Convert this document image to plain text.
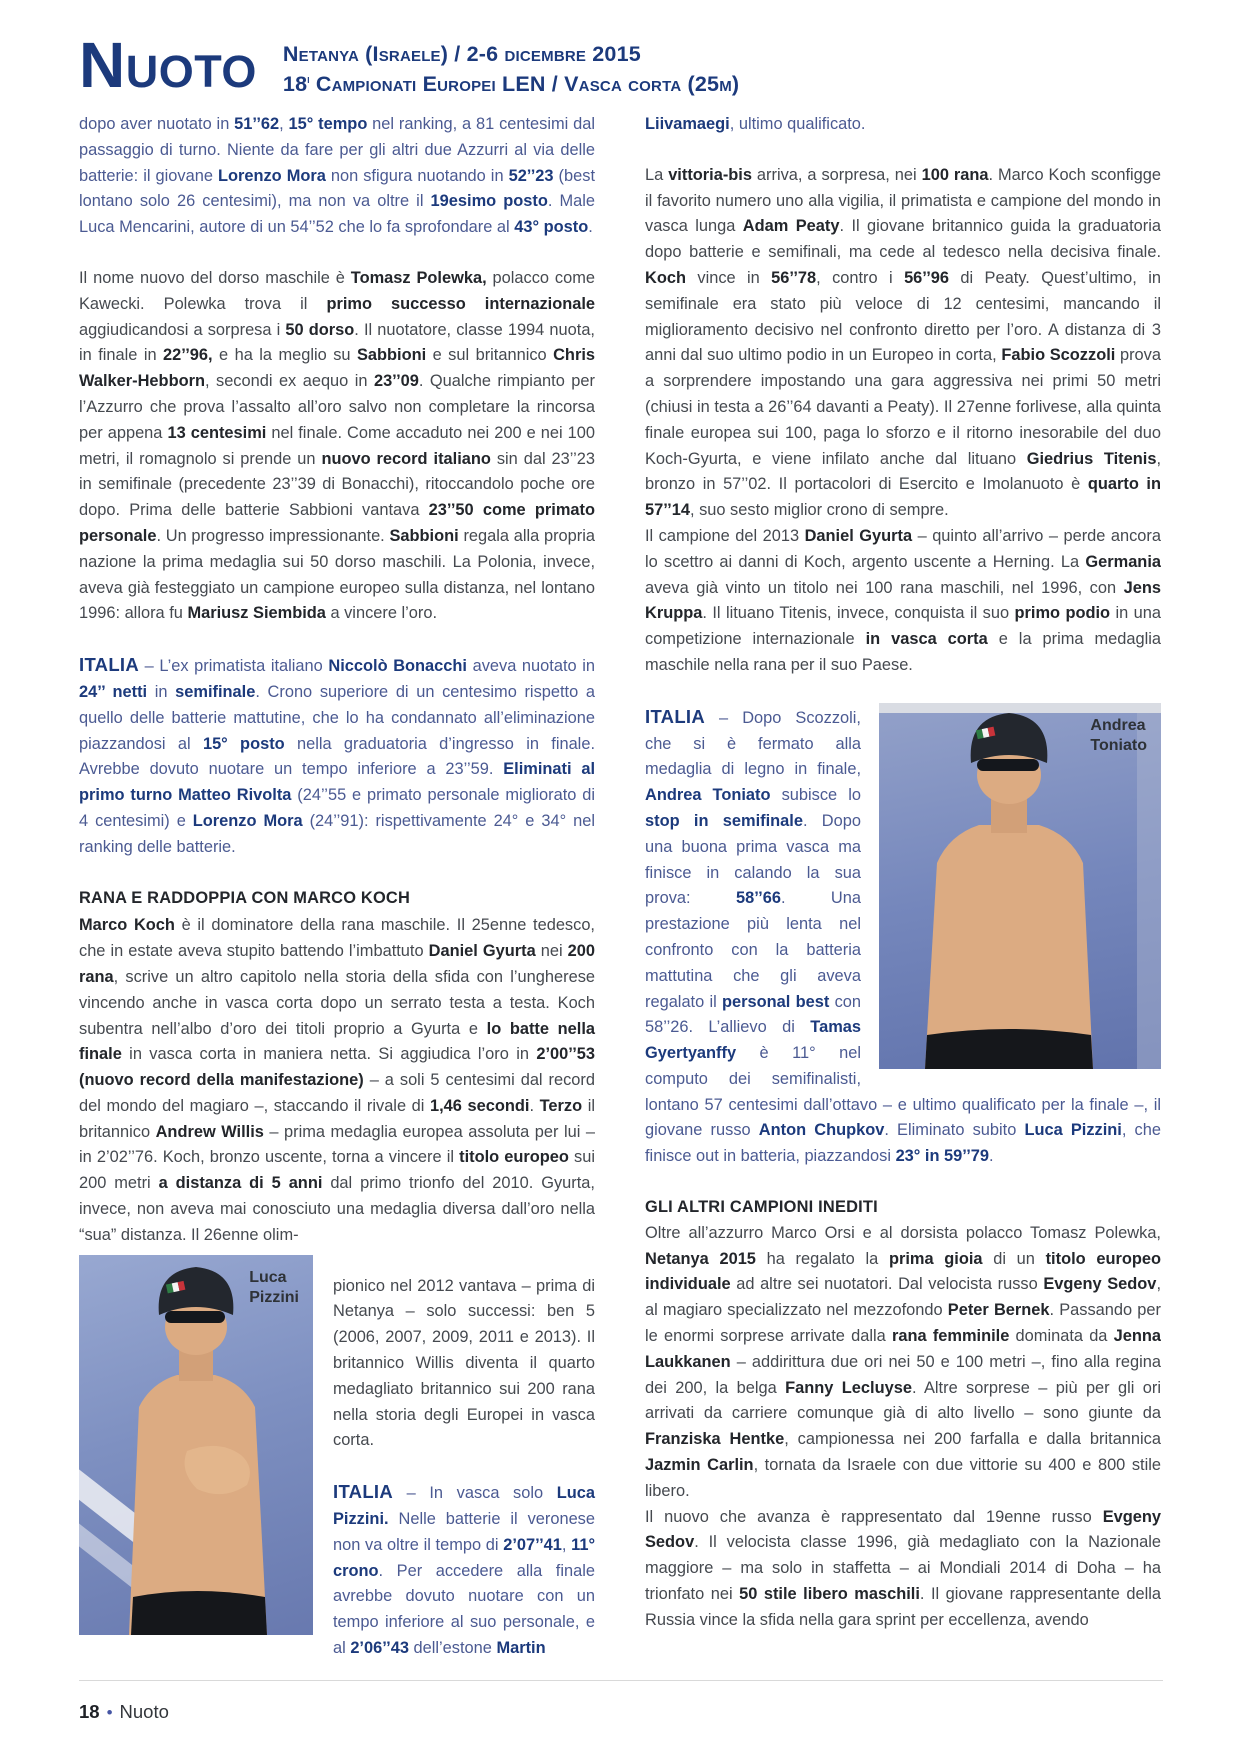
Nuoto Netanya (Israele) / 2-6 dicembre 2015
18$^i$ Campionati Europei LEN / Vasca corta (25m)

dopo aver nuotato in 51’’62, 15° tempo nel ranking, a 81 centesimi dal passaggio di turno. Niente da fare per gli altri due Azzurri al via delle batterie: il giovane Lorenzo Mora non sfigura nuotando in 52’’23 (best lontano solo 26 centesimi), ma non va oltre il 19esimo posto. Male Luca Mencarini, autore di un 54’’52 che lo fa sprofondare al 43° posto.

Il nome nuovo del dorso maschile è Tomasz Polewka, polacco come Kawecki. Polewka trova il primo successo internazionale aggiudicandosi a sorpresa i 50 dorso. Il nuotatore, classe 1994 nuota, in finale in 22’’96, e ha la meglio su Sabbioni e sul britannico Chris Walker-Hebborn, secondi ex aequo in 23’’09. Qualche rimpianto per l’Azzurro che prova l’assalto all’oro salvo non completare la rincorsa per appena 13 centesimi nel finale. Come accaduto nei 200 e nei 100 metri, il romagnolo si prende un nuovo record italiano sin dal 23’’23 in semifinale (precedente 23’’39 di Bonacchi), ritoccandolo poche ore dopo. Prima delle batterie Sabbioni vantava 23’’50 come primato personale. Un progresso impressionante. Sabbioni regala alla propria nazione la prima medaglia sui 50 dorso maschili. La Polonia, invece, aveva già festeggiato un campione europeo sulla distanza, nel lontano 1996: allora fu Mariusz Siembida a vincere l’oro.

ITALIA – L’ex primatista italiano Niccolò Bonacchi aveva nuotato in 24’’ netti in semifinale. Crono superiore di un centesimo rispetto a quello delle batterie mattutine, che lo ha condannato all’eliminazione piazzandosi al 15° posto nella graduatoria d’ingresso in finale. Avrebbe dovuto nuotare un tempo inferiore a 23’’59. Eliminati al primo turno Matteo Rivolta (24’’55 e primato personale migliorato di 4 centesimi) e Lorenzo Mora (24’’91): rispettivamente 24° e 34° nel ranking delle batterie.

RANA E RADDOPPIA CON MARCO KOCH

Marco Koch è il dominatore della rana maschile. Il 25enne tedesco, che in estate aveva stupito battendo l’imbattuto Daniel Gyurta nei 200 rana, scrive un altro capitolo nella storia della sfida con l’ungherese vincendo anche in vasca corta dopo un serrato testa a testa. Koch subentra nell’albo d’oro dei titoli proprio a Gyurta e lo batte nella finale in vasca corta in maniera netta. Si aggiudica l’oro in 2’00’’53 (nuovo record della manifestazione) – a soli 5 centesimi dal record del mondo del magiaro –, staccando il rivale di 1,46 secondi. Terzo il britannico Andrew Willis – prima medaglia europea assoluta per lui – in 2’02’’76. Koch, bronzo uscente, torna a vincere il titolo europeo sui 200 metri a distanza di 5 anni dal primo trionfo del 2010. Gyurta, invece, non aveva mai conosciuto una medaglia diversa dall’oro nella “sua” distanza. Il 26enne olim-

Luca
Pizzini

pionico nel 2012 vantava – prima di Netanya – solo successi: ben 5 (2006, 2007, 2009, 2011 e 2013). Il britannico Willis diventa il quarto medagliato britannico sui 200 rana nella storia degli Europei in vasca corta.

ITALIA – In vasca solo Luca Pizzini. Nelle batterie il veronese non va oltre il tempo di 2’07’’41, 11° crono. Per accedere alla finale avrebbe dovuto nuotare con un tempo inferiore al suo personale, e al 2’06’’43 dell’estone Martin

Liivamaegi, ultimo qualificato.

La vittoria-bis arriva, a sorpresa, nei 100 rana. Marco Koch sconfigge il favorito numero uno alla vigilia, il primatista e campione del mondo in vasca lunga Adam Peaty. Il giovane britannico guida la graduatoria dopo batterie e semifinali, ma cede al tedesco nella decisiva finale. Koch vince in 56’’78, contro i 56’’96 di Peaty. Quest’ultimo, in semifinale era stato più veloce di 12 centesimi, mancando il miglioramento decisivo nel confronto diretto per l’oro. A distanza di 3 anni dal suo ultimo podio in un Europeo in corta, Fabio Scozzoli prova a sorprendere impostando una gara aggressiva nei primi 50 metri (chiusi in testa a 26’’64 davanti a Peaty). Il 27enne forlivese, alla quinta finale europea sui 100, paga lo sforzo e il ritorno inesorabile del duo Koch-Gyurta, e viene infilato anche dal lituano Giedrius Titenis, bronzo in 57’’02. Il portacolori di Esercito e Imolanuoto è quarto in 57’’14, suo sesto miglior crono di sempre.

Il campione del 2013 Daniel Gyurta – quinto all’arrivo – perde ancora lo scettro ai danni di Koch, argento uscente a Herning. La Germania aveva già vinto un titolo nei 100 rana maschili, nel 1996, con Jens Kruppa. Il lituano Titenis, invece, conquista il suo primo podio in una competizione internazionale in vasca corta e la prima medaglia maschile nella rana per il suo Paese.

Andrea
Toniato

ITALIA – Dopo Scozzoli, che si è fermato alla medaglia di legno in finale, Andrea Toniato subisce lo stop in semifinale. Dopo una buona prima vasca ma finisce in calando la sua prova: 58’’66. Una prestazione più lenta nel confronto con la batteria mattutina che gli aveva regalato il personal best con 58’’26. L’allievo di Tamas Gyertyanffy è 11° nel computo dei semifinalisti, lontano 57 centesimi dall’ottavo – e ultimo qualificato per la finale –, il giovane russo Anton Chupkov. Eliminato subito Luca Pizzini, che finisce out in batteria, piazzandosi 23° in 59’’79.

GLI ALTRI CAMPIONI INEDITI

Oltre all’azzurro Marco Orsi e al dorsista polacco Tomasz Polewka, Netanya 2015 ha regalato la prima gioia di un titolo europeo individuale ad altre sei nuotatori. Dal velocista russo Evgeny Sedov, al magiaro specializzato nel mezzofondo Peter Bernek. Passando per le enormi sorprese arrivate dalla rana femminile dominata da Jenna Laukkanen – addirittura due ori nei 50 e 100 metri –, fino alla regina dei 200, la belga Fanny Lecluyse. Altre sorprese – più per gli ori arrivati da carriere comunque già di alto livello – sono giunte da Franziska Hentke, campionessa nei 200 farfalla e dalla britannica Jazmin Carlin, tornata da Israele con due vittorie su 400 e 800 stile libero.

Il nuovo che avanza è rappresentato dal 19enne russo Evgeny Sedov. Il velocista classe 1996, già medagliato con la Nazionale maggiore – ma solo in staffetta – ai Mondiali 2014 di Doha – ha trionfato nei 50 stile libero maschili. Il giovane rappresentante della Russia vince la sfida nella gara sprint per eccellenza, avendo

18 • Nuoto
